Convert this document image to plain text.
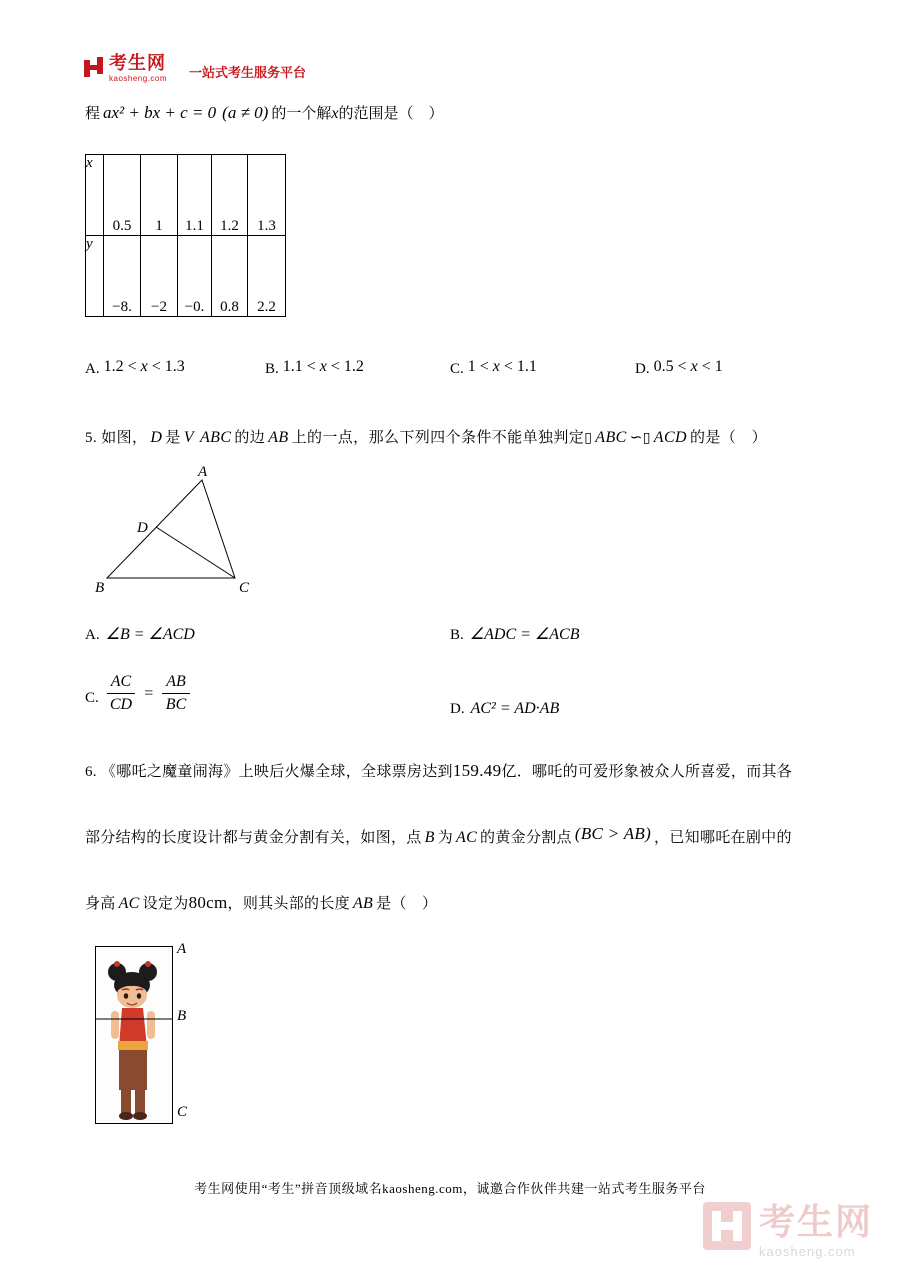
考生网
kaosheng.com 一站式考生服务平台
程 ax² + bx + c = 0 (a ≠ 0) 的一个解x的范围是（　）
x	0.5	1	1.1	1.2	1.3
y	−8.	−2	−0.	0.8	2.2
A. 1.2 < x < 1.3	B. 1.1 < x < 1.2	C. 1 < x < 1.1	D. 0.5 < x < 1
5. 如图， D 是 V ABC 的边 AB 上的一点，那么下列四个条件不能单独判定▯ ABC ∽▯ ACD 的是（　）
A
D
B	C
A. ∠B = ∠ACD	B. ∠ADC = ∠ACB
C. $\frac{AC}{CD} = \frac{AB}{BC}$	D. AC² = AD·AB
6. 《哪吒之魔童闹海》上映后火爆全球，全球票房达到159.49亿．哪吒的可爱形象被众人所喜爱，而其各
部分结构的长度设计都与黄金分割有关，如图，点 B 为 AC 的黄金分割点 (BC > AB) ，已知哪吒在剧中的
身高 AC 设定为80cm，则其头部的长度 AB 是（　）
A
B
C
考生网使用“考生”拼音顶级域名kaosheng.com，诚邀合作伙伴共建一站式考生服务平台
考生网
kaosheng.com
